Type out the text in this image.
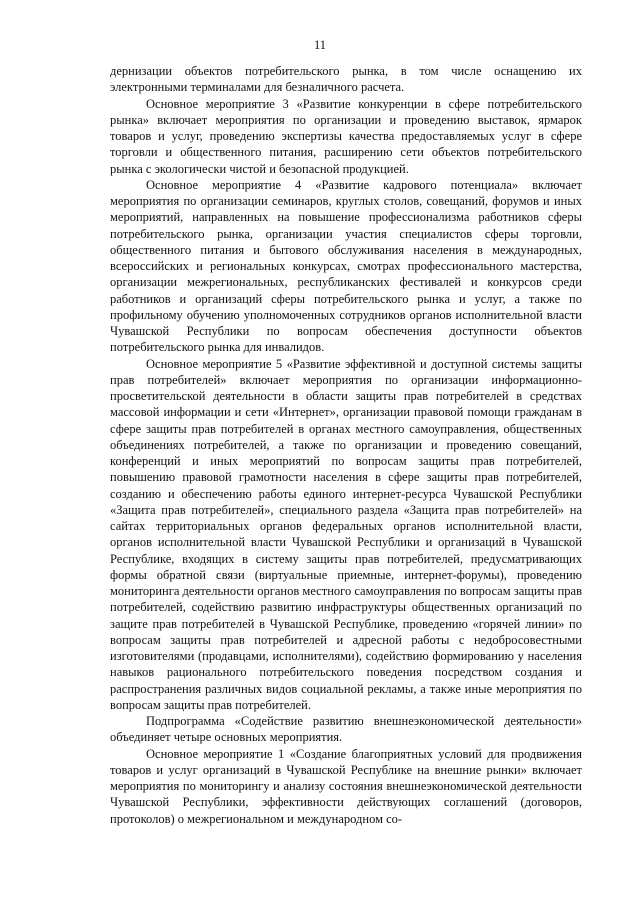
11

дернизации объектов потребительского рынка, в том числе оснащению их электронными терминалами для безналичного расчета.

Основное мероприятие 3 «Развитие конкуренции в сфере потребительского рынка» включает мероприятия по организации и проведению выставок, ярмарок товаров и услуг, проведению экспертизы качества предоставляемых услуг в сфере торговли и общественного питания, расширению сети объектов потребительского рынка с экологически чистой и безопасной продукцией.

Основное мероприятие 4 «Развитие кадрового потенциала» включает мероприятия по организации семинаров, круглых столов, совещаний, форумов и иных мероприятий, направленных на повышение профессионализма работников сферы потребительского рынка, организации участия специалистов сферы торговли, общественного питания и бытового обслуживания населения в международных, всероссийских и региональных конкурсах, смотрах профессионального мастерства, организации межрегиональных, республиканских фестивалей и конкурсов среди работников и организаций сферы потребительского рынка и услуг, а также по профильному обучению уполномоченных сотрудников органов исполнительной власти Чувашской Республики по вопросам обеспечения доступности объектов потребительского рынка для инвалидов.

Основное мероприятие 5 «Развитие эффективной и доступной системы защиты прав потребителей» включает мероприятия по организации информационно-просветительской деятельности в области защиты прав потребителей в средствах массовой информации и сети «Интернет», организации правовой помощи гражданам в сфере защиты прав потребителей в органах местного самоуправления, общественных объединениях потребителей, а также по организации и проведению совещаний, конференций и иных мероприятий по вопросам защиты прав потребителей, повышению правовой грамотности населения в сфере защиты прав потребителей, созданию и обеспечению работы единого интернет-ресурса Чувашской Республики «Защита прав потребителей», специального раздела «Защита прав потребителей» на сайтах территориальных органов федеральных органов исполнительной власти, органов исполнительной власти Чувашской Республики и организаций в Чувашской Республике, входящих в систему защиты прав потребителей, предусматривающих формы обратной связи (виртуальные приемные, интернет-форумы), проведению мониторинга деятельности органов местного самоуправления по вопросам защиты прав потребителей, содействию развитию инфраструктуры общественных организаций по защите прав потребителей в Чувашской Республике, проведению «горячей линии» по вопросам защиты прав потребителей и адресной работы с недобросовестными изготовителями (продавцами, исполнителями), содействию формированию у населения навыков рационального потребительского поведения посредством создания и распространения различных видов социальной рекламы, а также иные мероприятия по вопросам защиты прав потребителей.

Подпрограмма «Содействие развитию внешнеэкономической деятельности» объединяет четыре основных мероприятия.

Основное мероприятие 1 «Создание благоприятных условий для продвижения товаров и услуг организаций в Чувашской Республике на внешние рынки» включает мероприятия по мониторингу и анализу состояния внешнеэкономической деятельности Чувашской Республики, эффективности действующих соглашений (договоров, протоколов) о межрегиональном и международном со-
